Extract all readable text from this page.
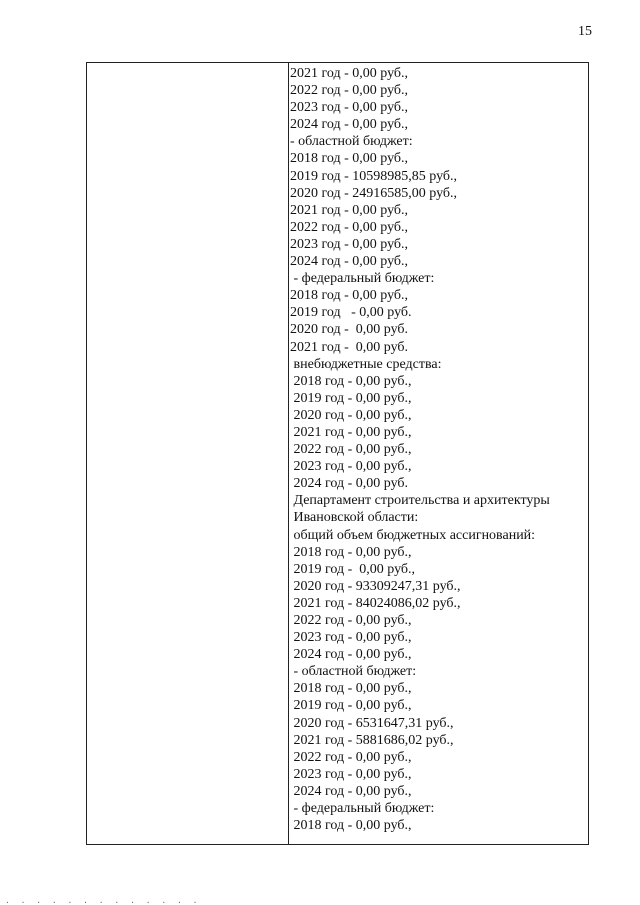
15
2021 год - 0,00 руб.,
2022 год - 0,00 руб.,
2023 год - 0,00 руб.,
2024 год - 0,00 руб.,
- областной бюджет:
2018 год - 0,00 руб.,
2019 год - 10598985,85 руб.,
2020 год - 24916585,00 руб.,
2021 год - 0,00 руб.,
2022 год - 0,00 руб.,
2023 год - 0,00 руб.,
2024 год - 0,00 руб.,
- федеральный бюджет:
2018 год - 0,00 руб.,
2019 год   - 0,00 руб.
2020 год -  0,00 руб.
2021 год -  0,00 руб.
внебюджетные средства:
2018 год - 0,00 руб.,
2019 год - 0,00 руб.,
2020 год - 0,00 руб.,
2021 год - 0,00 руб.,
2022 год - 0,00 руб.,
2023 год - 0,00 руб.,
2024 год - 0,00 руб.
Департамент строительства и архитектуры
Ивановской области:
общий объем бюджетных ассигнований:
2018 год - 0,00 руб.,
2019 год -  0,00 руб.,
2020 год - 93309247,31 руб.,
2021 год - 84024086,02 руб.,
2022 год - 0,00 руб.,
2023 год - 0,00 руб.,
2024 год - 0,00 руб.,
- областной бюджет:
2018 год - 0,00 руб.,
2019 год - 0,00 руб.,
2020 год - 6531647,31 руб.,
2021 год - 5881686,02 руб.,
2022 год - 0,00 руб.,
2023 год - 0,00 руб.,
2024 год - 0,00 руб.,
- федеральный бюджет:
2018 год - 0,00 руб.,
. . . . . . . . . . . . .
